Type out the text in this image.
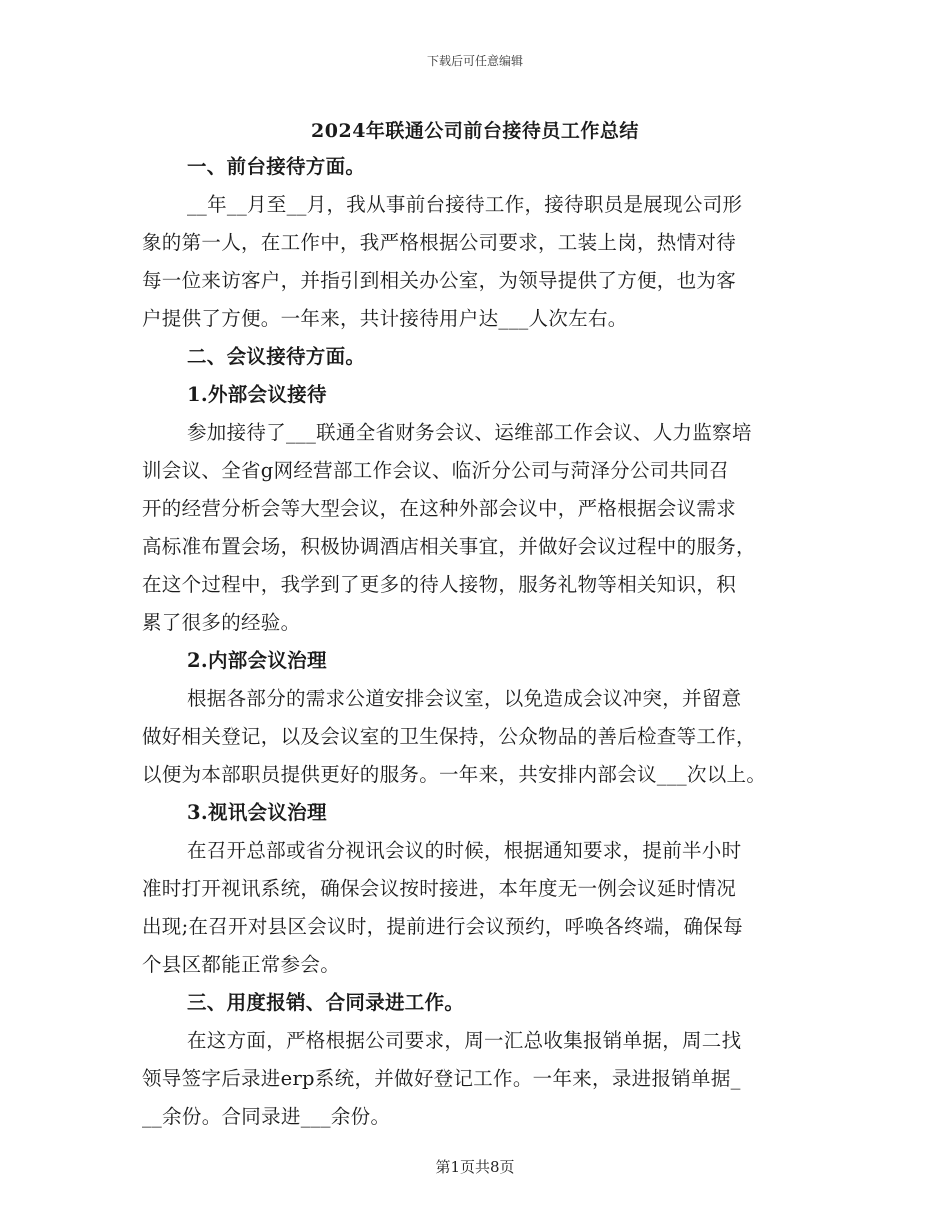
下载后可任意编辑
2024年联通公司前台接待员工作总结
一、前台接待方面。
__年__月至__月，我从事前台接待工作，接待职员是展现公司形
象的第一人，在工作中，我严格根据公司要求，工装上岗，热情对待
每一位来访客户，并指引到相关办公室，为领导提供了方便，也为客
户提供了方便。一年来，共计接待用户达___人次左右。
二、会议接待方面。
1.外部会议接待
参加接待了___联通全省财务会议、运维部工作会议、人力监察培
训会议、全省g网经营部工作会议、临沂分公司与菏泽分公司共同召
开的经营分析会等大型会议，在这种外部会议中，严格根据会议需求
高标准布置会场，积极协调酒店相关事宜，并做好会议过程中的服务，
在这个过程中，我学到了更多的待人接物，服务礼物等相关知识，积
累了很多的经验。
2.内部会议治理
根据各部分的需求公道安排会议室，以免造成会议冲突，并留意
做好相关登记，以及会议室的卫生保持，公众物品的善后检查等工作，
以便为本部职员提供更好的服务。一年来，共安排内部会议___次以上。
3.视讯会议治理
在召开总部或省分视讯会议的时候，根据通知要求，提前半小时
准时打开视讯系统，确保会议按时接进，本年度无一例会议延时情况
出现;在召开对县区会议时，提前进行会议预约，呼唤各终端，确保每
个县区都能正常参会。
三、用度报销、合同录进工作。
在这方面，严格根据公司要求，周一汇总收集报销单据，周二找
领导签字后录进erp系统，并做好登记工作。一年来，录进报销单据_
__余份。合同录进___余份。
第1页共8页
